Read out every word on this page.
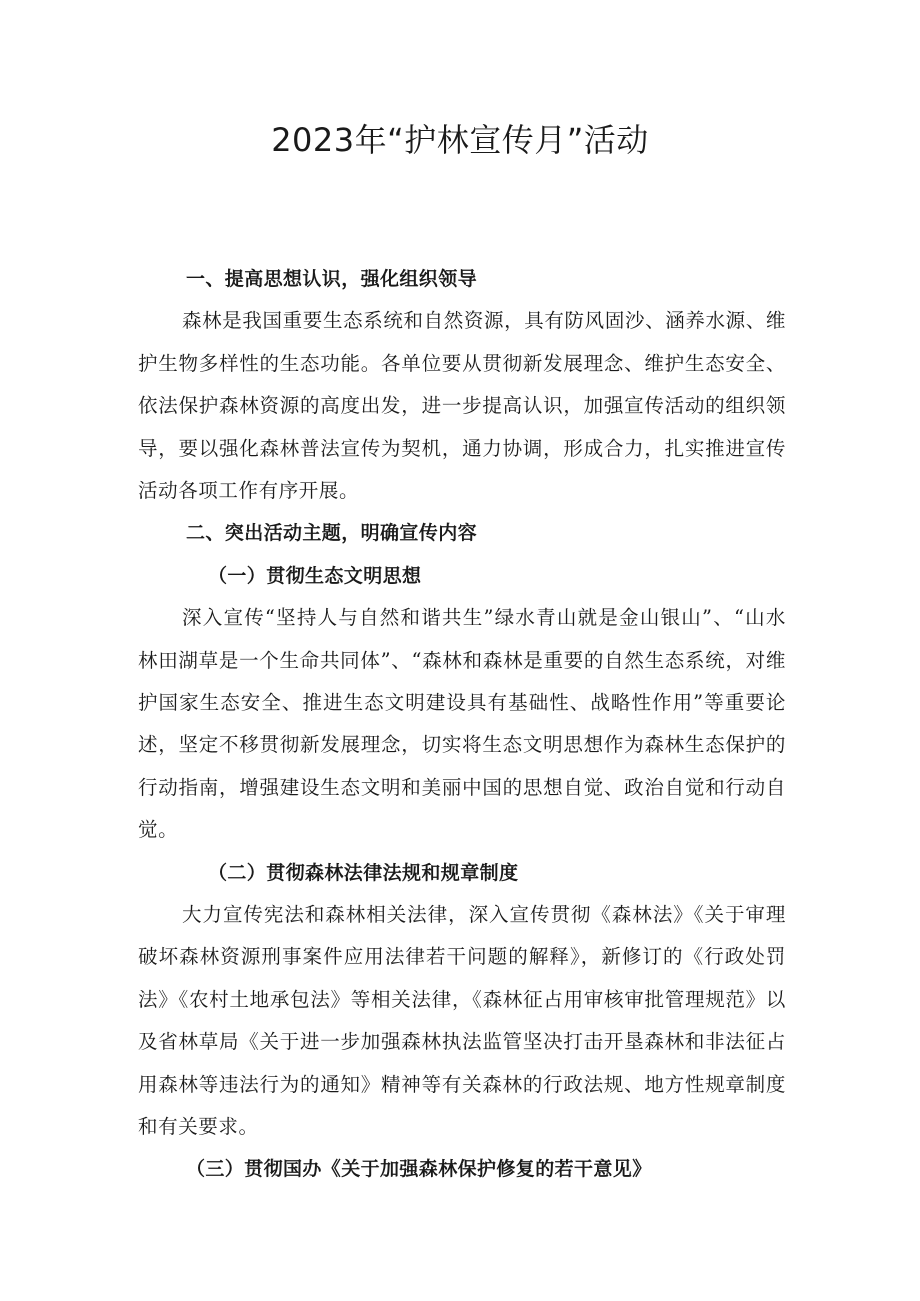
2023年“护林宣传月”活动

一、提高思想认识，强化组织领导

森林是我国重要生态系统和自然资源，具有防风固沙、涵养水源、维护生物多样性的生态功能。各单位要从贯彻新发展理念、维护生态安全、依法保护森林资源的高度出发，进一步提高认识，加强宣传活动的组织领导，要以强化森林普法宣传为契机，通力协调，形成合力，扎实推进宣传活动各项工作有序开展。

二、突出活动主题，明确宣传内容

（一）贯彻生态文明思想

深入宣传“坚持人与自然和谐共生”绿水青山就是金山银山”、“山水林田湖草是一个生命共同体”、“森林和森林是重要的自然生态系统，对维护国家生态安全、推进生态文明建设具有基础性、战略性作用”等重要论述，坚定不移贯彻新发展理念，切实将生态文明思想作为森林生态保护的行动指南，增强建设生态文明和美丽中国的思想自觉、政治自觉和行动自觉。

（二）贯彻森林法律法规和规章制度

大力宣传宪法和森林相关法律，深入宣传贯彻《森林法》《关于审理破坏森林资源刑事案件应用法律若干问题的解释》，新修订的《行政处罚法》《农村土地承包法》等相关法律，《森林征占用审核审批管理规范》以及省林草局《关于进一步加强森林执法监管坚决打击开垦森林和非法征占用森林等违法行为的通知》精神等有关森林的行政法规、地方性规章制度和有关要求。

（三）贯彻国办《关于加强森林保护修复的若干意见》
